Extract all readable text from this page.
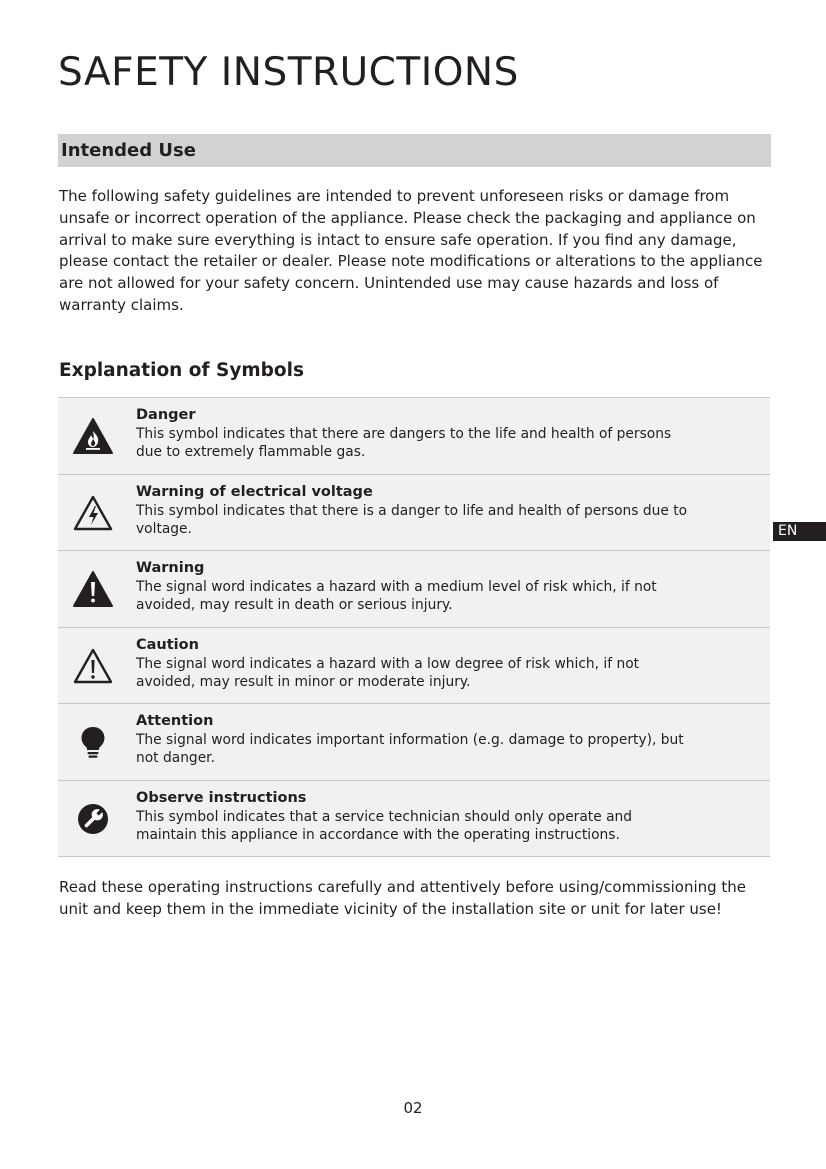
SAFETY INSTRUCTIONS
Intended Use

The following safety guidelines are intended to prevent unforeseen risks or damage from unsafe or incorrect operation of the appliance. Please check the packaging and appliance on arrival to make sure everything is intact to ensure safe operation. If you find any damage, please contact the retailer or dealer. Please note modifications or alterations to the appliance are not allowed for your safety concern. Unintended use may cause hazards and loss of warranty claims.

Explanation of Symbols
Danger
This symbol indicates that there are dangers to the life and health of persons due to extremely flammable gas.
Warning of electrical voltage
This symbol indicates that there is a danger to life and health of persons due to voltage.
Warning
The signal word indicates a hazard with a medium level of risk which, if not avoided, may result in death or serious injury.
Caution
The signal word indicates a hazard with a low degree of risk which, if not avoided, may result in minor or moderate injury.
Attention
The signal word indicates important information (e.g. damage to property), but not danger.
Observe instructions
This symbol indicates that a service technician should only operate and maintain this appliance in accordance with the operating instructions.

Read these operating instructions carefully and attentively before using/commissioning the unit and keep them in the immediate vicinity of the installation site or unit for later use!

EN
02
